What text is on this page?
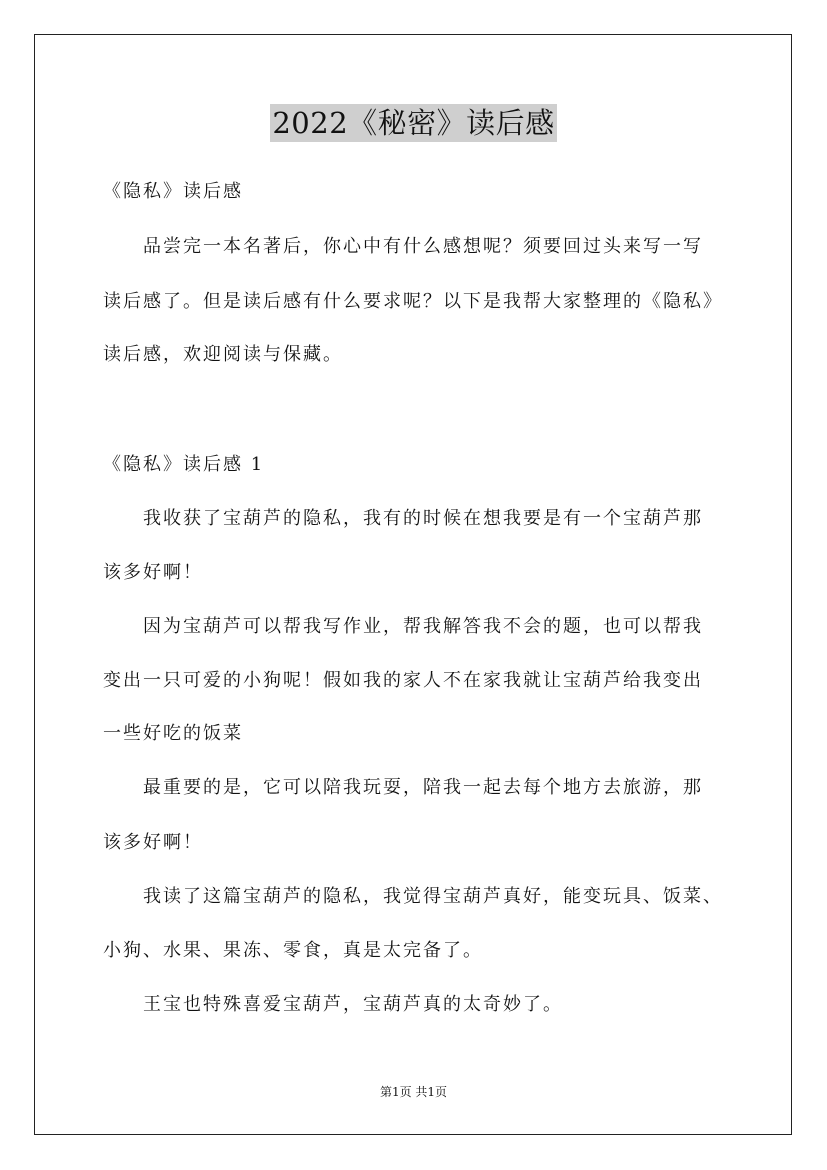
2022《秘密》读后感
《隐私》读后感
品尝完一本名著后，你心中有什么感想呢？须要回过头来写一写
读后感了。但是读后感有什么要求呢？以下是我帮大家整理的《隐私》
读后感，欢迎阅读与保藏。
《隐私》读后感 1
我收获了宝葫芦的隐私，我有的时候在想我要是有一个宝葫芦那
该多好啊！
因为宝葫芦可以帮我写作业，帮我解答我不会的题，也可以帮我
变出一只可爱的小狗呢！假如我的家人不在家我就让宝葫芦给我变出
一些好吃的饭菜
最重要的是，它可以陪我玩耍，陪我一起去每个地方去旅游，那
该多好啊！
我读了这篇宝葫芦的隐私，我觉得宝葫芦真好，能变玩具、饭菜、
小狗、水果、果冻、零食，真是太完备了。
王宝也特殊喜爱宝葫芦，宝葫芦真的太奇妙了。
第1页 共1页
